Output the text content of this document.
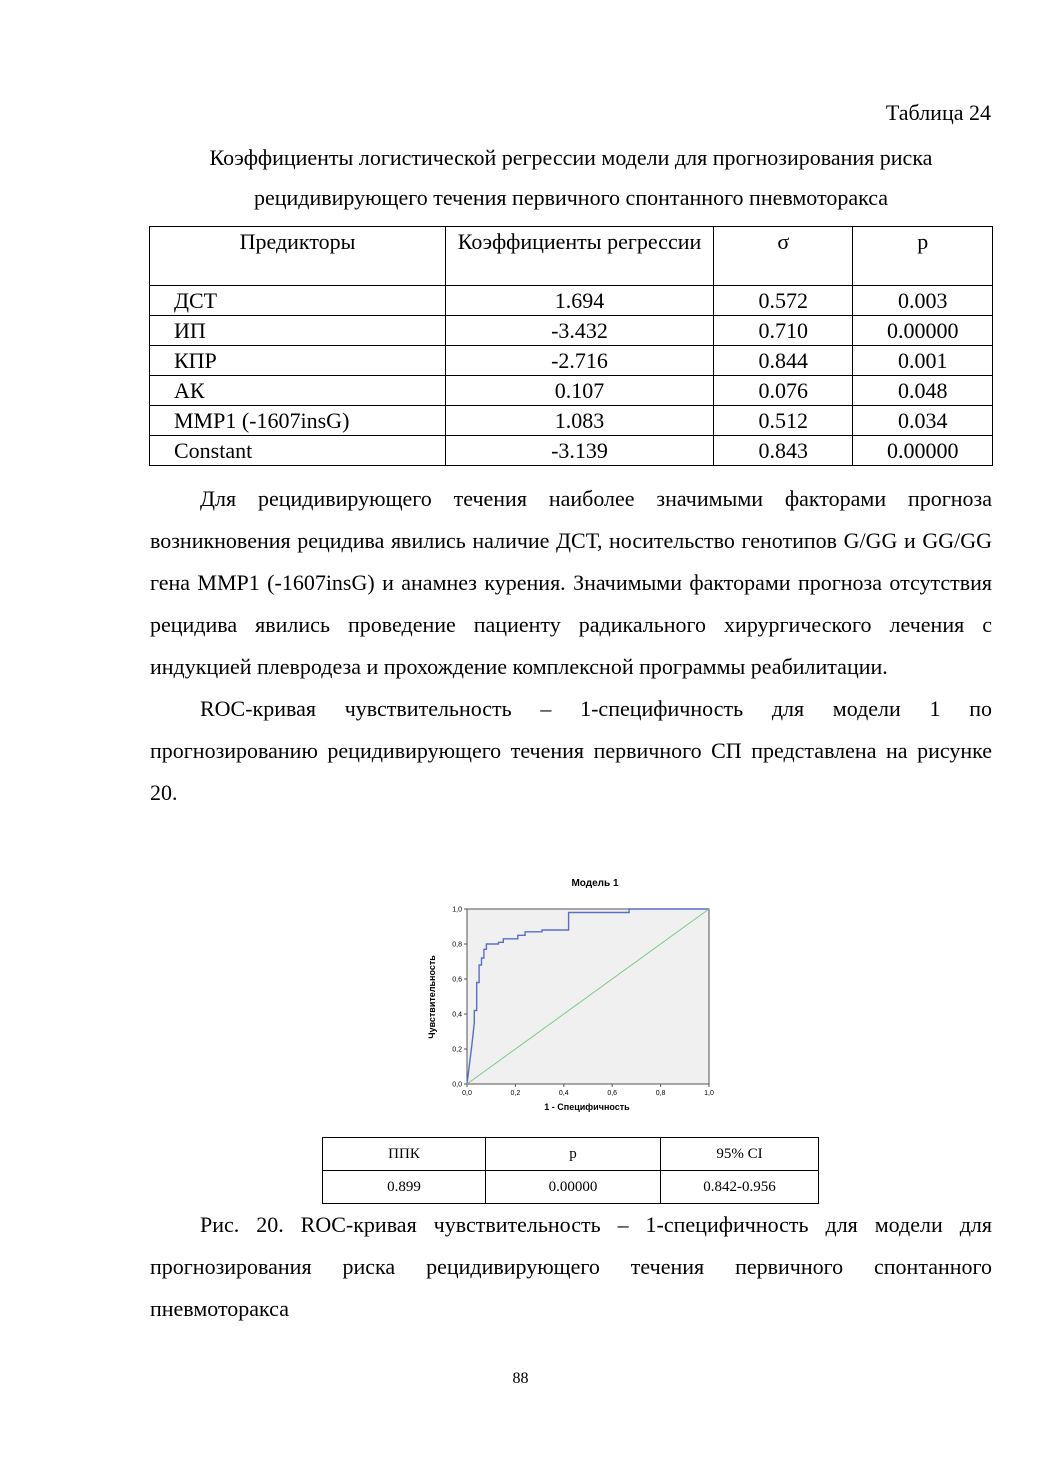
Таблица 24
Коэффициенты логистической регрессии модели для прогнозирования риска рецидивирующего течения первичного спонтанного пневмоторакса
Предикторы	Коэффициенты регрессии	σ	p
ДСТ	1.694	0.572	0.003
ИП	-3.432	0.710	0.00000
КПР	-2.716	0.844	0.001
АК	0.107	0.076	0.048
MMP1 (-1607insG)	1.083	0.512	0.034
Constant	-3.139	0.843	0.00000

Для рецидивирующего течения наиболее значимыми факторами прогноза возникновения рецидива явились наличие ДСТ, носительство генотипов G/GG и GG/GG гена MMP1 (-1607insG) и анамнез курения. Значимыми факторами прогноза отсутствия рецидива явились проведение пациенту радикального хирургического лечения с индукцией плевродеза и прохождение комплексной программы реабилитации.

ROC-кривая чувствительность – 1-специфичность для модели 1 по прогнозированию рецидивирующего течения первичного СП представлена на рисунке 20.

Модель 1
0,0	0,2	0,4	0,6	0,8	1,0
0,0
0,2
0,4
0,6
0,8
1,0
Чувствительность
1 - Специфичность
ППК	p	95% CI
0.899	0.00000	0.842-0.956

Рис. 20. ROC-кривая чувствительность – 1-специфичность для модели для прогнозирования риска рецидивирующего течения первичного спонтанного пневмоторакса

88
